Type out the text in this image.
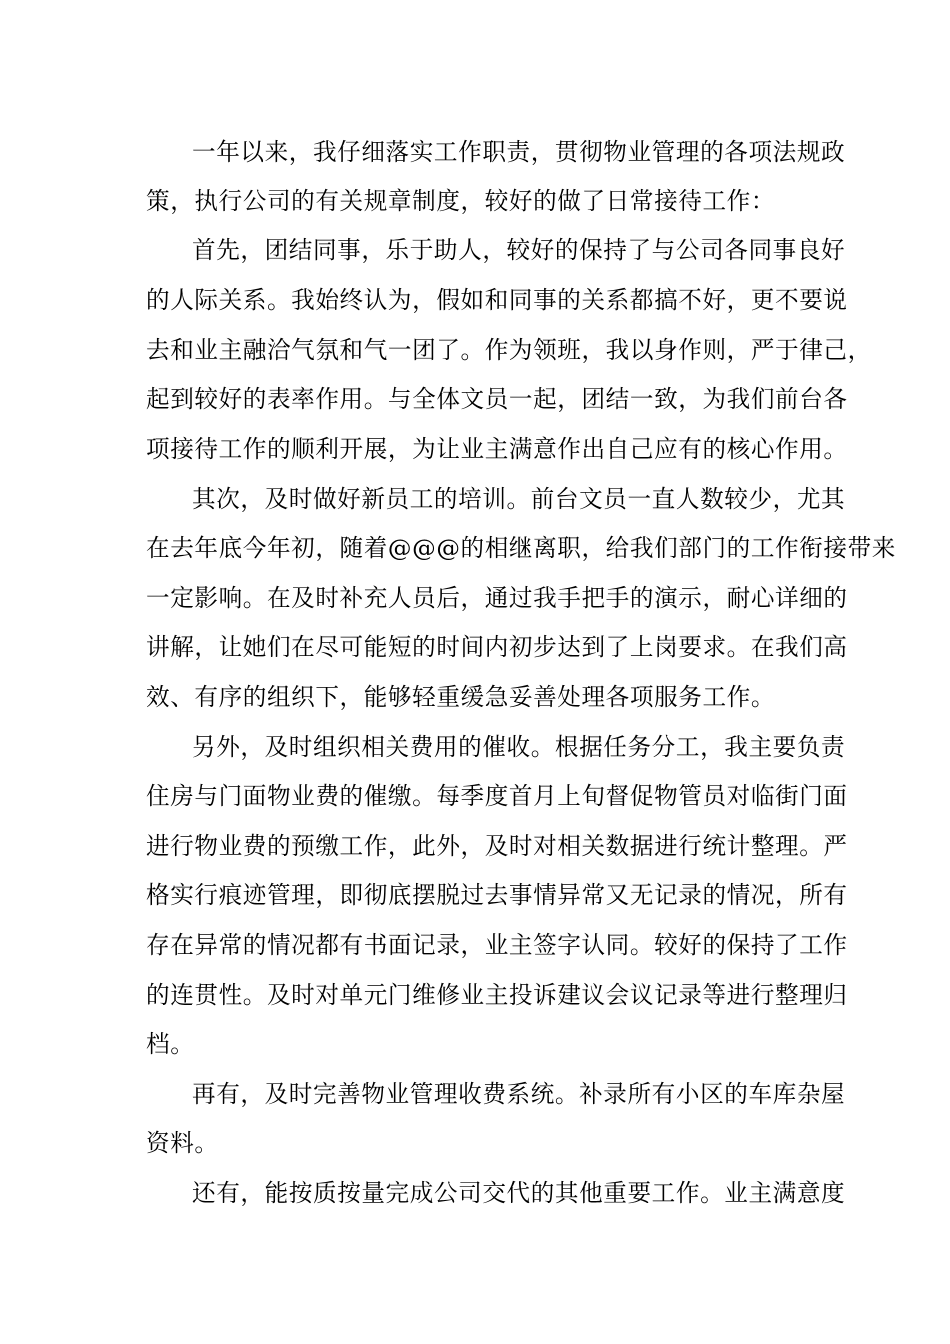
一年以来，我仔细落实工作职责，贯彻物业管理的各项法规政
策，执行公司的有关规章制度，较好的做了日常接待工作：
首先，团结同事，乐于助人，较好的保持了与公司各同事良好
的人际关系。我始终认为，假如和同事的关系都搞不好，更不要说
去和业主融洽气氛和气一团了。作为领班，我以身作则，严于律己，
起到较好的表率作用。与全体文员一起，团结一致，为我们前台各
项接待工作的顺利开展，为让业主满意作出自己应有的核心作用。
其次，及时做好新员工的培训。前台文员一直人数较少，尤其
在去年底今年初，随着@@@的相继离职，给我们部门的工作衔接带来
一定影响。在及时补充人员后，通过我手把手的演示，耐心详细的
讲解，让她们在尽可能短的时间内初步达到了上岗要求。在我们高
效、有序的组织下，能够轻重缓急妥善处理各项服务工作。
另外，及时组织相关费用的催收。根据任务分工，我主要负责
住房与门面物业费的催缴。每季度首月上旬督促物管员对临街门面
进行物业费的预缴工作，此外，及时对相关数据进行统计整理。严
格实行痕迹管理，即彻底摆脱过去事情异常又无记录的情况，所有
存在异常的情况都有书面记录，业主签字认同。较好的保持了工作
的连贯性。及时对单元门维修业主投诉建议会议记录等进行整理归
档。
再有，及时完善物业管理收费系统。补录所有小区的车库杂屋
资料。
还有，能按质按量完成公司交代的其他重要工作。业主满意度
